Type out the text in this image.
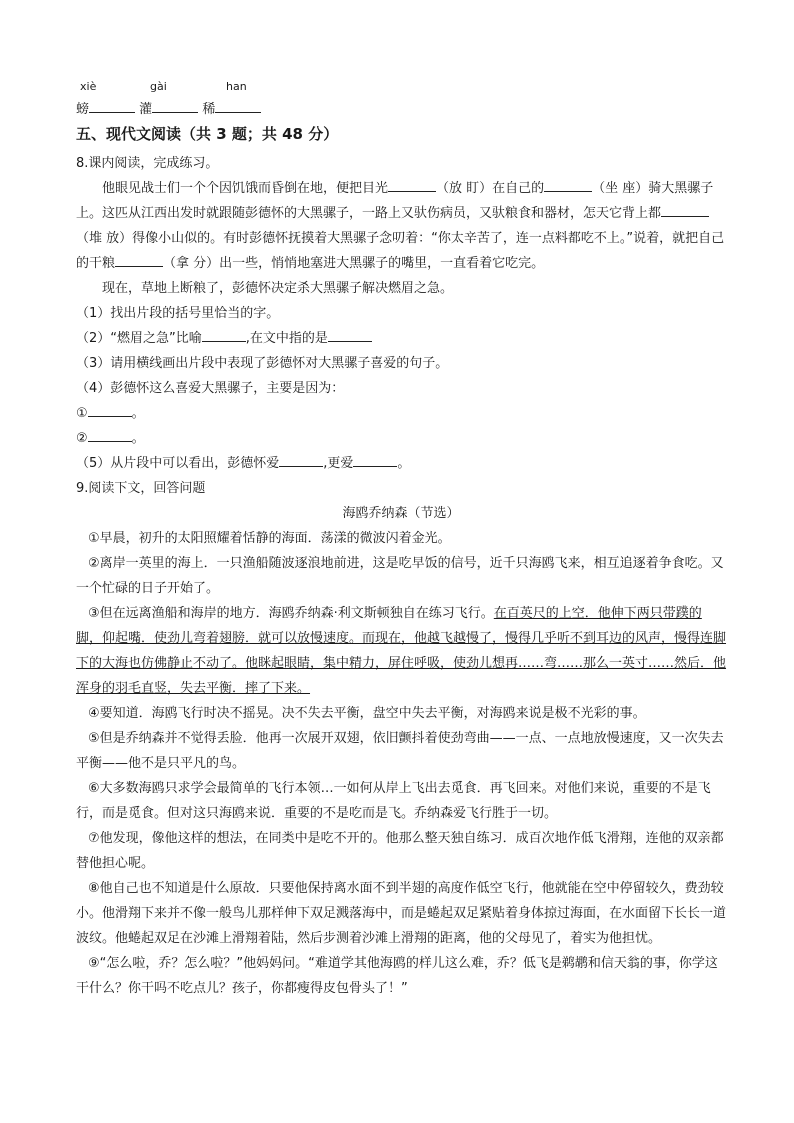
xiè	gài	han
螃	灌	稀
五、现代文阅读（共 3 题；共 48 分）

8.课内阅读，完成练习。

他眼见战士们一个个因饥饿而昏倒在地，便把目光	（放 盯）在自己的	（坐 座）骑大黑骡子上。这匹从江西出发时就跟随彭德怀的大黑骡子，一路上又驮伤病员，又驮粮食和器材，怎天它背上都（堆 放）得像小山似的。有时彭德怀抚摸着大黑骡子念叨着：“你太辛苦了，连一点料都吃不上。”说着，就把自己的干粮	（拿 分）出一些，悄悄地塞进大黑骡子的嘴里，一直看着它吃完。

现在，草地上断粮了，彭德怀决定杀大黑骡子解决燃眉之急。

（1）找出片段的括号里恰当的字。

（2）“燃眉之急”比喻	,在文中指的是

（3）请用横线画出片段中表现了彭德怀对大黑骡子喜爱的句子。

（4）彭德怀这么喜爱大黑骡子，主要是因为：

①	。

②	。

（5）从片段中可以看出，彭德怀爱	,更爱	。

9.阅读下文，回答问题

海鸥乔纳森（节选）

①早晨，初升的太阳照耀着恬静的海面．荡漾的微波闪着金光。

②离岸一英里的海上．一只渔船随波逐浪地前进，这是吃早饭的信号，近千只海鸥飞来，相互追逐着争食吃。又一个忙碌的日子开始了。

③但在远离渔船和海岸的地方．海鸥乔纳森·利文斯顿独自在练习飞行。在百英尺的上空．他伸下两只带蹼的脚，仰起嘴．使劲儿弯着翅膀．就可以放慢速度。而现在，他越飞越慢了，慢得几乎听不到耳边的风声，慢得连脚下的大海也仿佛静止不动了。他眯起眼睛，集中精力，屏住呼吸，使劲儿想再……弯……那么一英寸……然后．他浑身的羽毛直竖，失去平衡．摔了下来。

④要知道．海鸥飞行时决不摇晃。决不失去平衡，盘空中失去平衡，对海鸥来说是极不光彩的事。

⑤但是乔纳森并不觉得丢脸．他再一次展开双翅，依旧颤抖着使劲弯曲——一点、一点地放慢速度，又一次失去平衡——他不是只平凡的鸟。

⑥大多数海鸥只求学会最简单的飞行本领…一如何从岸上飞出去觅食．再飞回来。对他们来说，重要的不是飞行，而是觅食。但对这只海鸥来说．重要的不是吃而是飞。乔纳森爱飞行胜于一切。

⑦他发现，像他这样的想法，在同类中是吃不开的。他那么整天独自练习．成百次地作低飞滑翔，连他的双亲都替他担心呢。

⑧他自己也不知道是什么原故．只要他保持离水面不到半翅的高度作低空飞行，他就能在空中停留较久，费劲较小。他滑翔下来并不像一般鸟儿那样伸下双足溅落海中，而是蜷起双足紧贴着身体掠过海面，在水面留下长长一道波纹。他蜷起双足在沙滩上滑翔着陆，然后步测着沙滩上滑翔的距离，他的父母见了，着实为他担忧。

⑨“怎么啦，乔？怎么啦？”他妈妈问。“难道学其他海鸥的样儿这么难，乔？低飞是鹈鹕和信天翁的事，你学这干什么？你干吗不吃点儿？孩子，你都瘦得皮包骨头了！”
